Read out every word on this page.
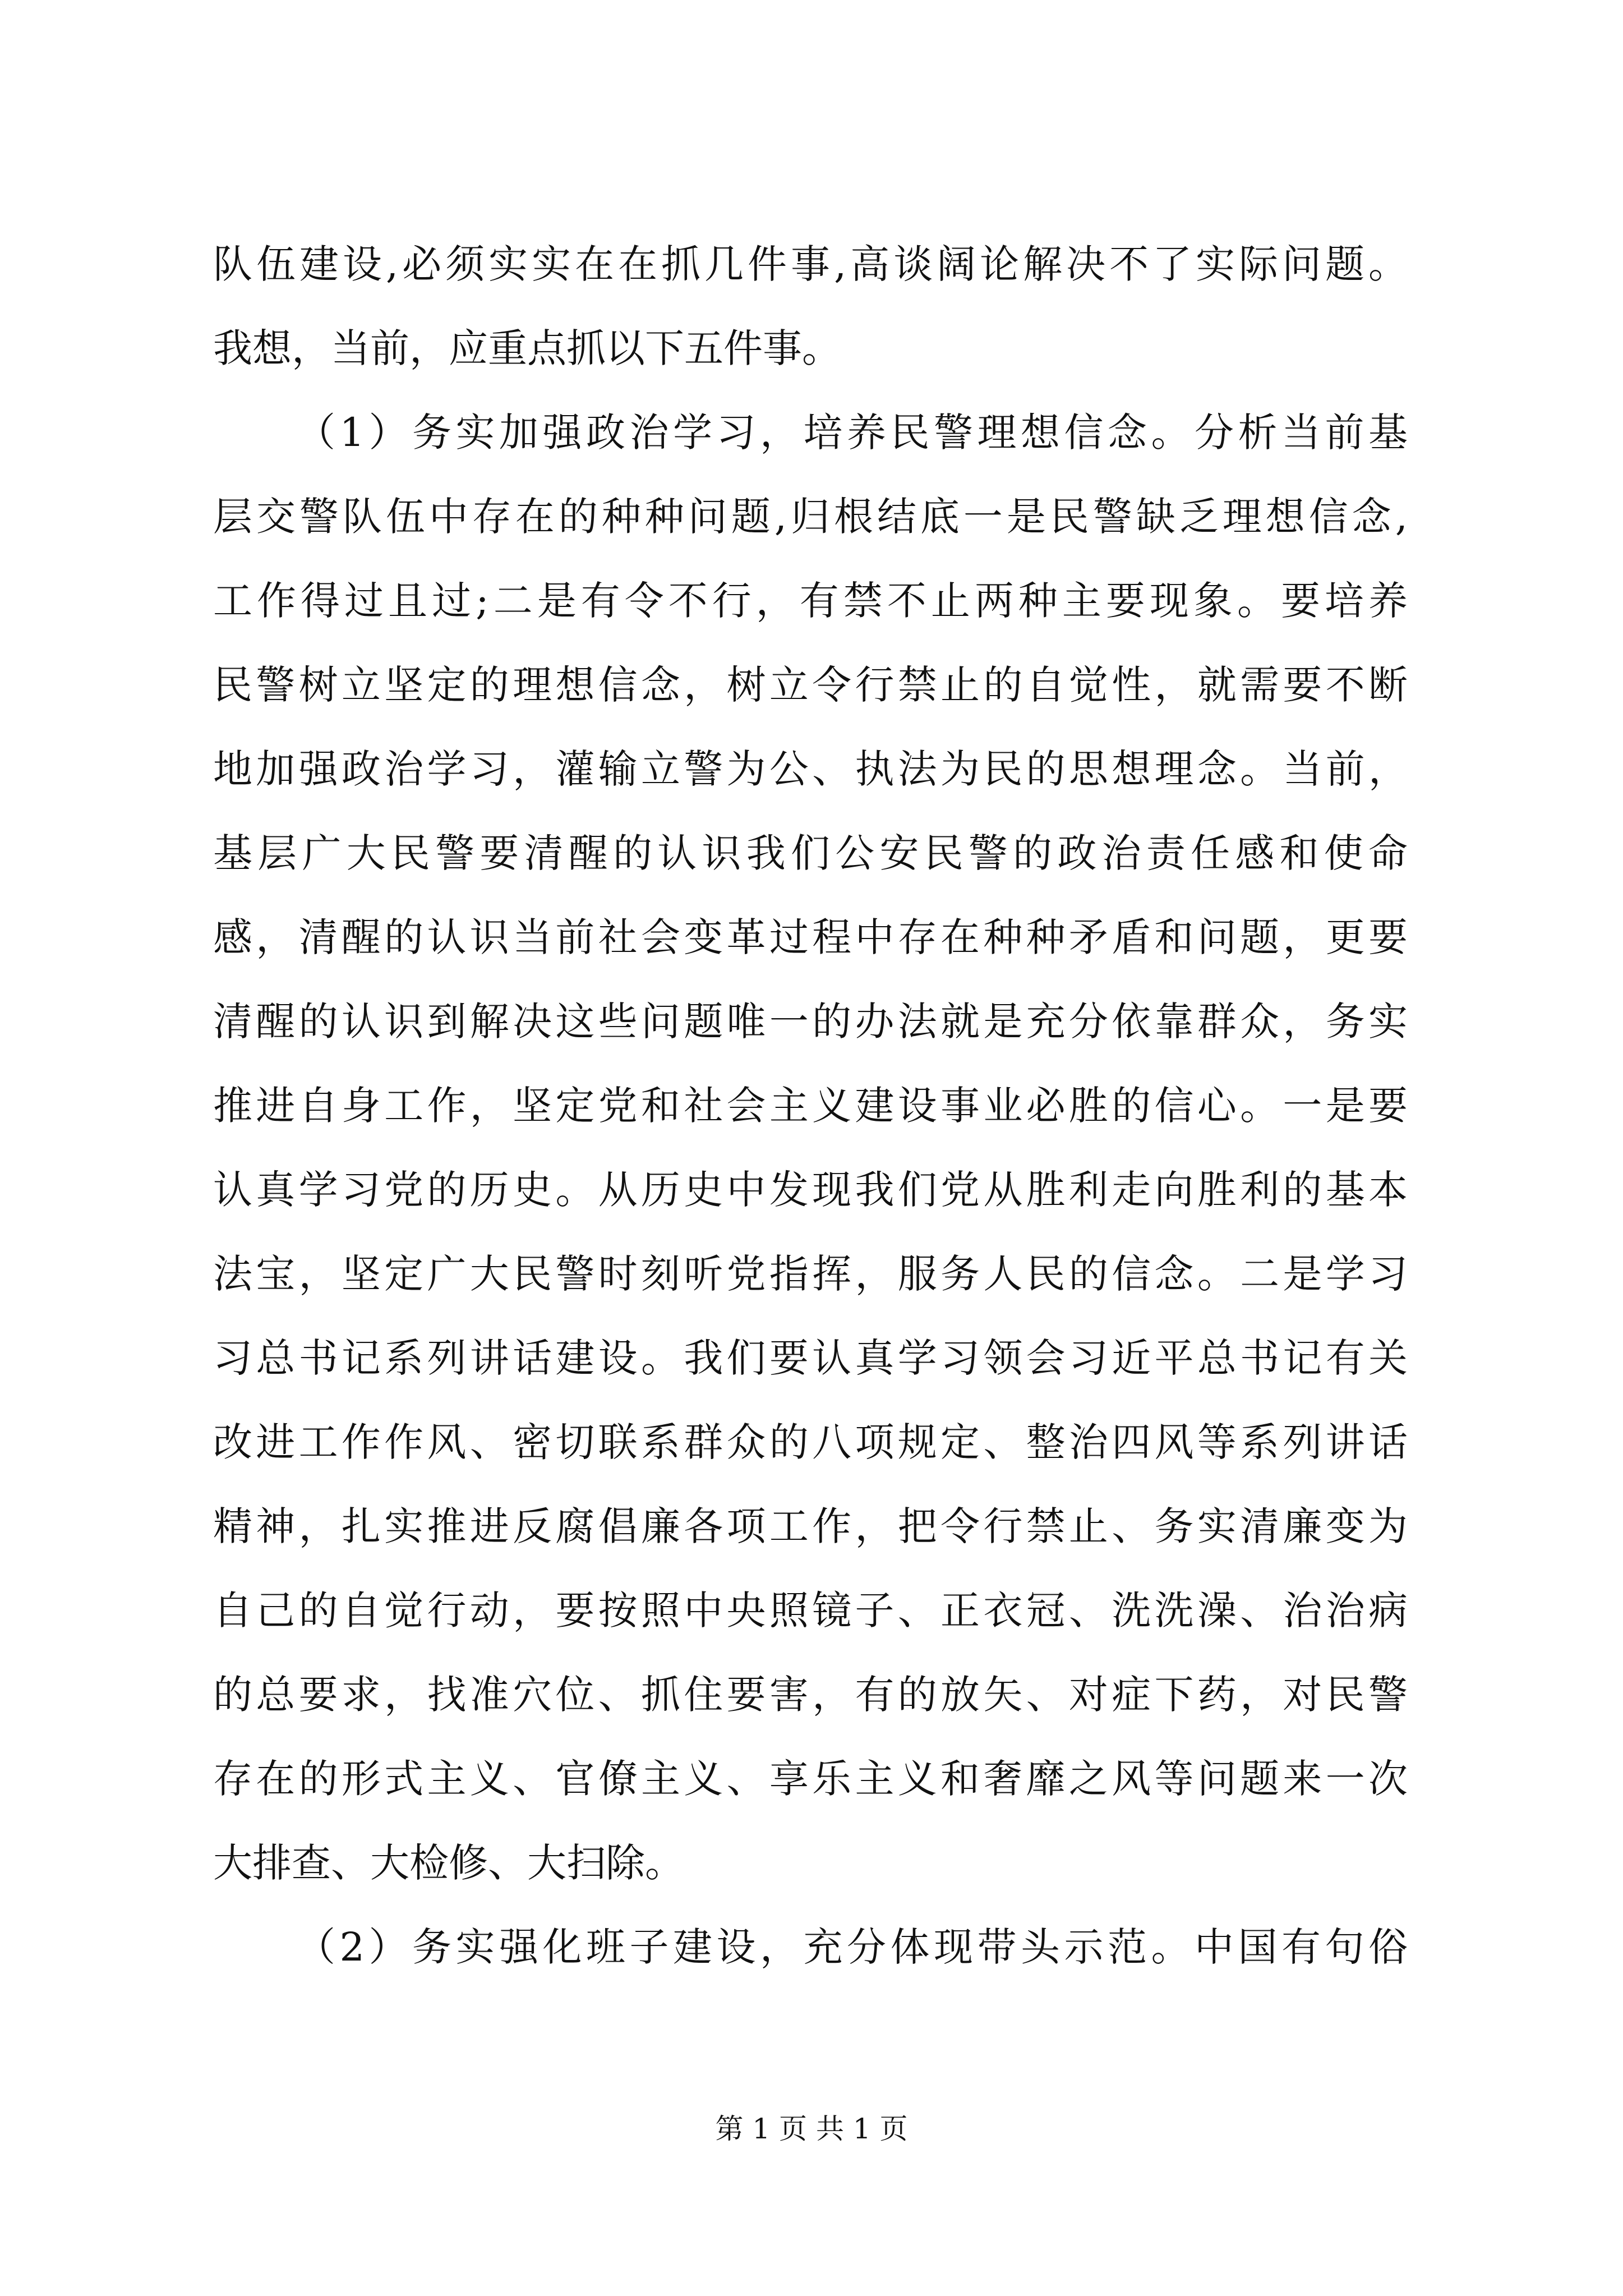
队伍建设,必须实实在在抓几件事,高谈阔论解决不了实际问题。
我想，当前，应重点抓以下五件事。
（1）务实加强政治学习，培养民警理想信念。分析当前基
层交警队伍中存在的种种问题,归根结底一是民警缺乏理想信念,
工作得过且过;二是有令不行，有禁不止两种主要现象。要培养
民警树立坚定的理想信念，树立令行禁止的自觉性，就需要不断
地加强政治学习，灌输立警为公、执法为民的思想理念。当前，
基层广大民警要清醒的认识我们公安民警的政治责任感和使命
感，清醒的认识当前社会变革过程中存在种种矛盾和问题，更要
清醒的认识到解决这些问题唯一的办法就是充分依靠群众，务实
推进自身工作，坚定党和社会主义建设事业必胜的信心。一是要
认真学习党的历史。从历史中发现我们党从胜利走向胜利的基本
法宝，坚定广大民警时刻听党指挥，服务人民的信念。二是学习
习总书记系列讲话建设。我们要认真学习领会习近平总书记有关
改进工作作风、密切联系群众的八项规定、整治四风等系列讲话
精神，扎实推进反腐倡廉各项工作，把令行禁止、务实清廉变为
自己的自觉行动，要按照中央照镜子、正衣冠、洗洗澡、治治病
的总要求，找准穴位、抓住要害，有的放矢、对症下药，对民警
存在的形式主义、官僚主义、享乐主义和奢靡之风等问题来一次
大排查、大检修、大扫除。
（2）务实强化班子建设，充分体现带头示范。中国有句俗
第 1 页 共 1 页
